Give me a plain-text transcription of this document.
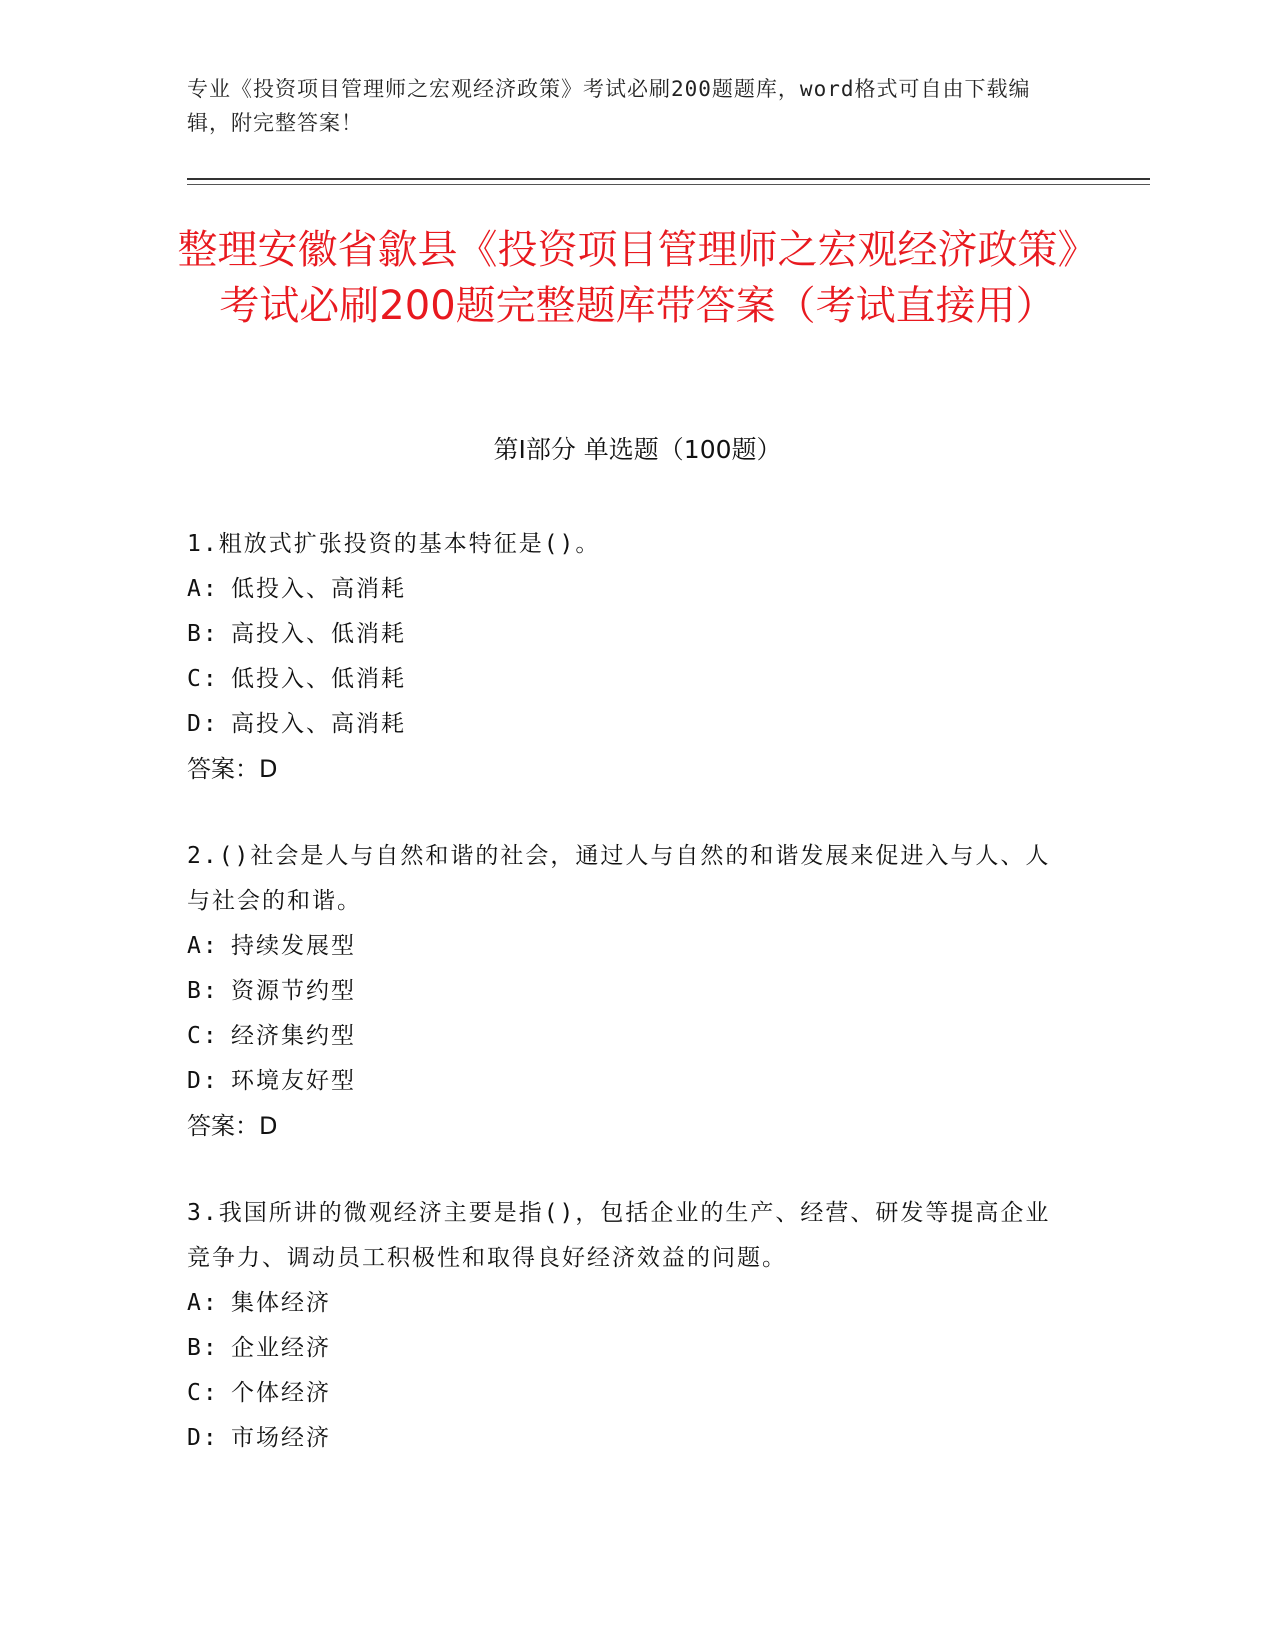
专业《投资项目管理师之宏观经济政策》考试必刷200题题库，word格式可自由下载编辑，附完整答案！
整理安徽省歙县《投资项目管理师之宏观经济政策》考试必刷200题完整题库带答案（考试直接用）
第I部分 单选题（100题）
1.粗放式扩张投资的基本特征是()。
A: 低投入、高消耗
B: 高投入、低消耗
C: 低投入、低消耗
D: 高投入、高消耗
答案：D
2.()社会是人与自然和谐的社会，通过人与自然的和谐发展来促进入与人、人与社会的和谐。
A: 持续发展型
B: 资源节约型
C: 经济集约型
D: 环境友好型
答案：D
3.我国所讲的微观经济主要是指()，包括企业的生产、经营、研发等提高企业竞争力、调动员工积极性和取得良好经济效益的问题。
A: 集体经济
B: 企业经济
C: 个体经济
D: 市场经济
